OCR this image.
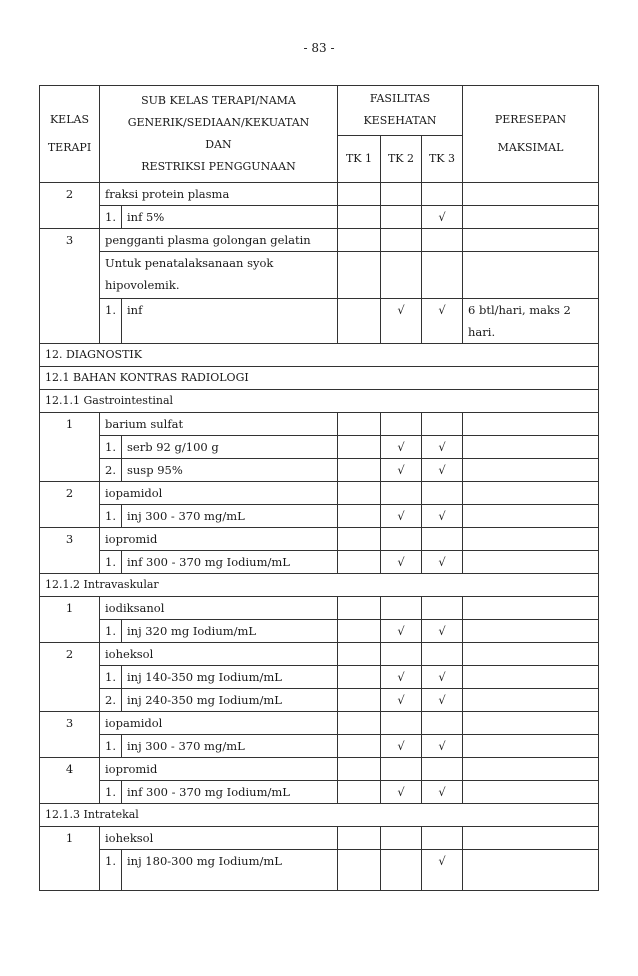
- 83 -
KELAS

TERAPI	SUB KELAS TERAPI/NAMA
GENERIK/SEDIAAN/KEKUATAN
DAN
RESTRIKSI PENGGUNAAN		FASILITAS
KESEHATAN			PERESEPAN

MAKSIMAL
			TK 1	TK 2	TK 3	
2	fraksi protein plasma					
	1.	inf 5%			√	
3	pengganti plasma golongan gelatin					
	Untuk penatalaksanaan syok hipovolemik.					
	1.	inf		√	√	6 btl/hari, maks 2 hari.
12. DIAGNOSTIK						
12.1 BAHAN KONTRAS RADIOLOGI						
12.1.1 Gastrointestinal						
1	barium sulfat					
	1.	serb 92 g/100 g		√	√	
	2.	susp 95%		√	√	
2	iopamidol					
	1.	inj 300 - 370 mg/mL		√	√	
3	iopromid					
	1.	inf 300 - 370 mg Iodium/mL		√	√	
12.1.2 Intravaskular						
1	iodiksanol					
	1.	inj 320 mg Iodium/mL		√	√	
2	ioheksol					
	1.	inj 140-350 mg Iodium/mL		√	√	
	2.	inj 240-350 mg Iodium/mL		√	√	
3	iopamidol					
	1.	inj 300 - 370 mg/mL		√	√	
4	iopromid					
	1.	inf 300 - 370 mg Iodium/mL		√	√	
12.1.3 Intratekal						
1	ioheksol					
	1.	inj 180-300 mg Iodium/mL			√	
